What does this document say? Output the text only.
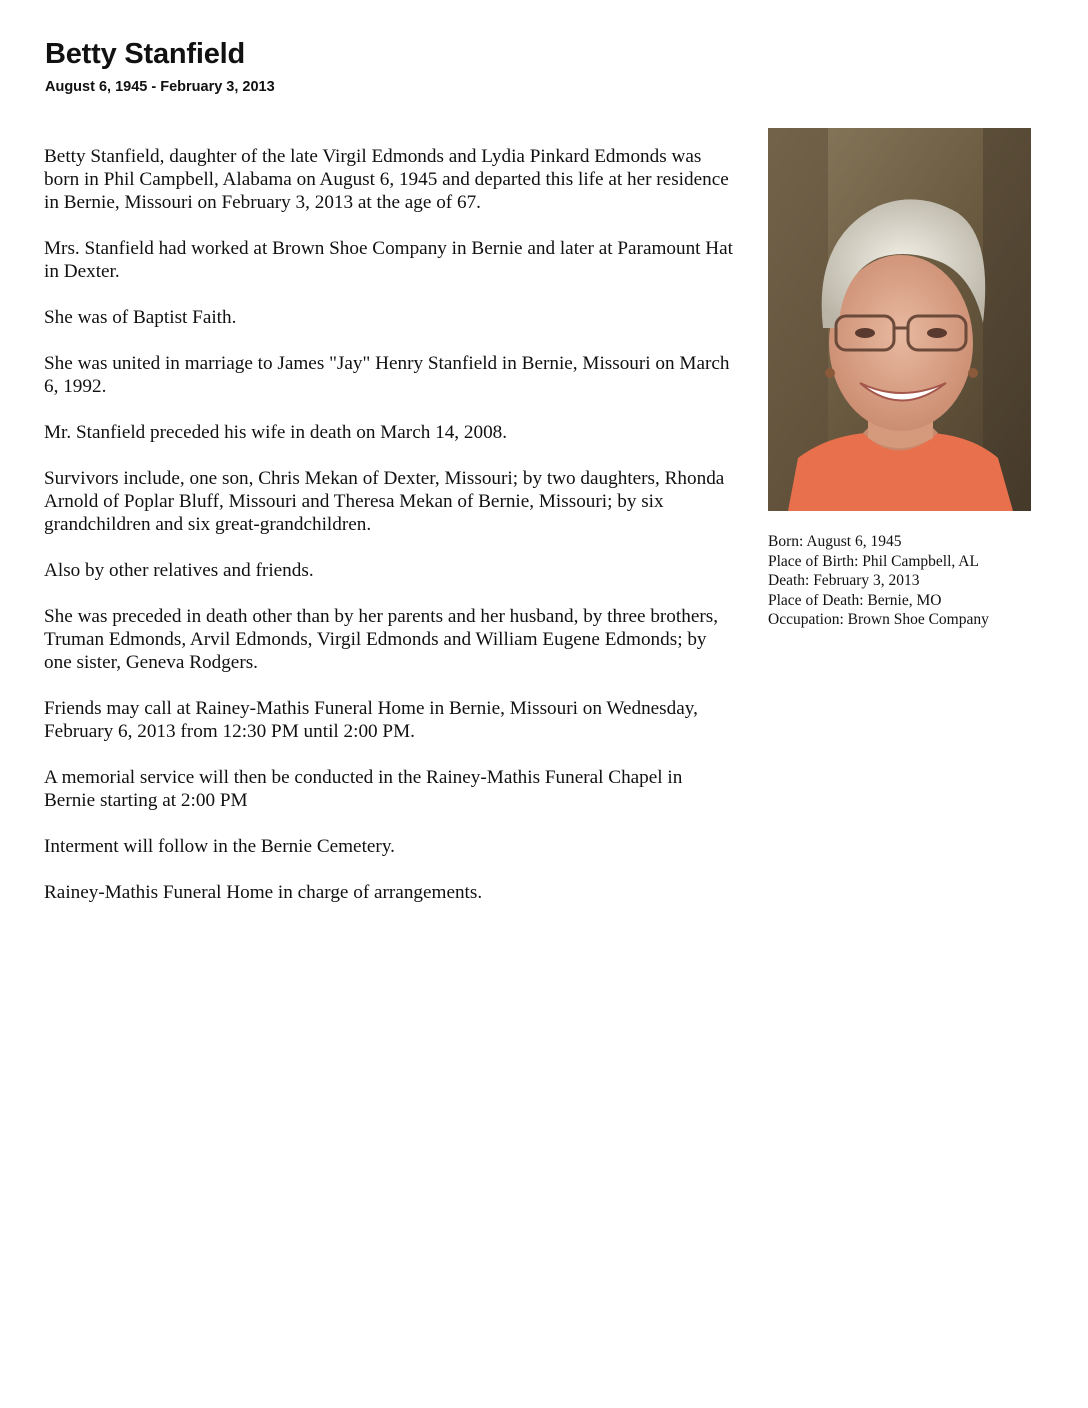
Betty Stanfield
August 6, 1945 - February 3, 2013

Betty Stanfield, daughter of the late Virgil Edmonds and Lydia Pinkard Edmonds was born in Phil Campbell, Alabama on August 6, 1945 and departed this life at her residence in Bernie, Missouri on February 3, 2013 at the age of 67.

Mrs. Stanfield had worked at Brown Shoe Company in Bernie and later at Paramount Hat in Dexter.

She was of Baptist Faith.

She was united in marriage to James "Jay" Henry Stanfield in Bernie, Missouri on March 6, 1992.

Mr. Stanfield preceded his wife in death on March 14, 2008.

Survivors include, one son, Chris Mekan of Dexter, Missouri; by two daughters, Rhonda Arnold of Poplar Bluff, Missouri and Theresa Mekan of Bernie, Missouri; by six grandchildren and six great-grandchildren.

Also by other relatives and friends.

She was preceded in death other than by her parents and her husband, by three brothers, Truman Edmonds, Arvil Edmonds, Virgil Edmonds and William Eugene Edmonds; by one sister, Geneva Rodgers.

Friends may call at Rainey-Mathis Funeral Home in Bernie, Missouri on Wednesday, February 6, 2013 from 12:30 PM until 2:00 PM.

A memorial service will then be conducted in the Rainey-Mathis Funeral Chapel in Bernie starting at 2:00 PM

Interment will follow in the Bernie Cemetery.

Rainey-Mathis Funeral Home in charge of arrangements.

Born: August 6, 1945
Place of Birth: Phil Campbell, AL
Death: February 3, 2013
Place of Death: Bernie, MO
Occupation: Brown Shoe Company
